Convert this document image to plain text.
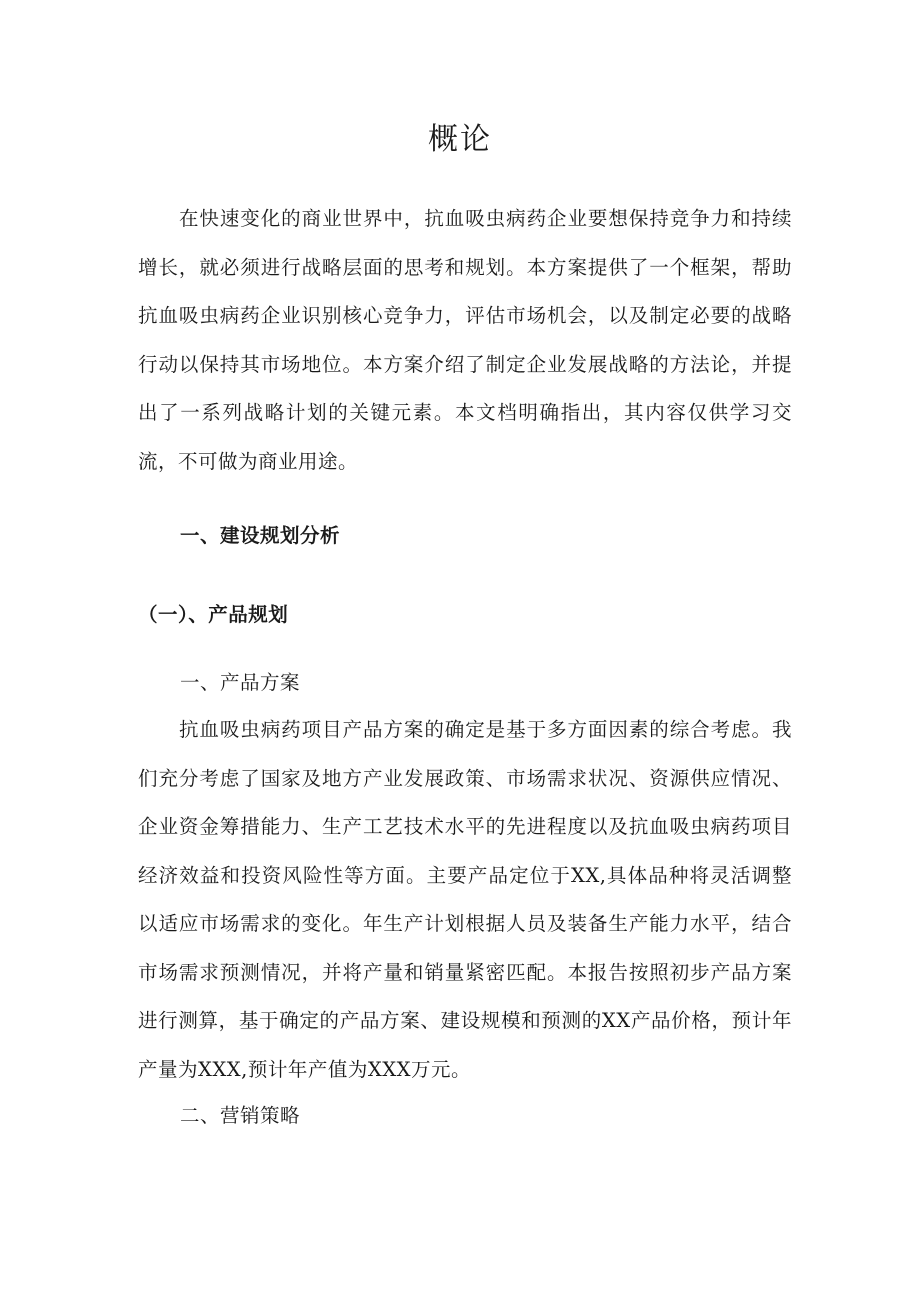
概论

在快速变化的商业世界中，抗血吸虫病药企业要想保持竞争力和持续增长，就必须进行战略层面的思考和规划。本方案提供了一个框架，帮助抗血吸虫病药企业识别核心竞争力，评估市场机会，以及制定必要的战略行动以保持其市场地位。本方案介绍了制定企业发展战略的方法论，并提出了一系列战略计划的关键元素。本文档明确指出，其内容仅供学习交流，不可做为商业用途。

一、建设规划分析
（一）、产品规划
一、产品方案

抗血吸虫病药项目产品方案的确定是基于多方面因素的综合考虑。我们充分考虑了国家及地方产业发展政策、市场需求状况、资源供应情况、企业资金筹措能力、生产工艺技术水平的先进程度以及抗血吸虫病药项目经济效益和投资风险性等方面。主要产品定位于XX,具体品种将灵活调整以适应市场需求的变化。年生产计划根据人员及装备生产能力水平，结合市场需求预测情况，并将产量和销量紧密匹配。本报告按照初步产品方案进行测算，基于确定的产品方案、建设规模和预测的XX产品价格，预计年产量为XXX,预计年产值为XXX万元。

二、营销策略
